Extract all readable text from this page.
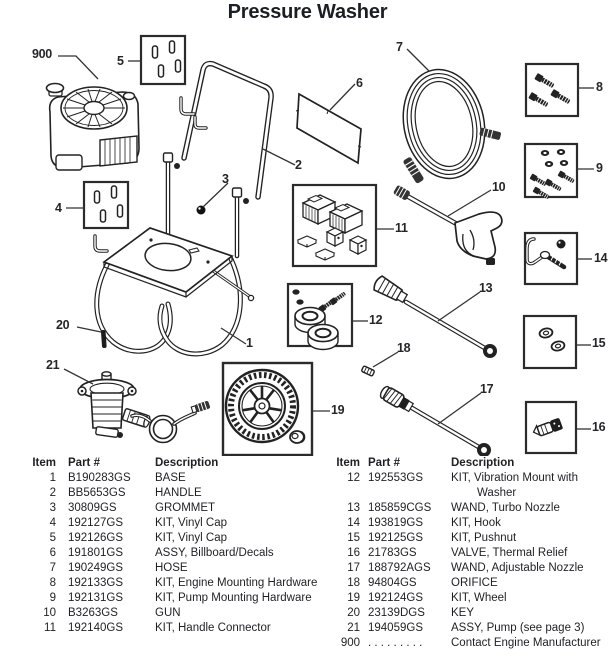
Pressure Washer
900	5
4
2
3
6
7
8
9
10
11
12
13
14
15
16
17
18
19
20
21
1
Item Part #	Description
1 B190283GS	BASE
2 BB5653GS	HANDLE
3 30809GS	GROMMET
4 192127GS	KIT, Vinyl Cap
5 192126GS	KIT, Vinyl Cap
6 191801GS	ASSY, Billboard/Decals
7 190249GS	HOSE
8 192133GS	KIT, Engine Mounting Hardware
9 192131GS	KIT, Pump Mounting Hardware
10 B3263GS	GUN
11 192140GS	KIT, Handle Connector
Item Part #	Description
12 192553GS	KIT, Vibration Mount with Washer
13 185859CGS	WAND, Turbo Nozzle
14 193819GS	KIT, Hook
15 192125GS	KIT, Pushnut
16 21783GS	VALVE, Thermal Relief
17 188792AGS	WAND, Adjustable Nozzle
18 94804GS	ORIFICE
19 192124GS	KIT, Wheel
20 23139DGS	KEY
21 194059GS	ASSY, Pump (see page 3)
900 . . . . . . . . .	Contact Engine Manufacturer
